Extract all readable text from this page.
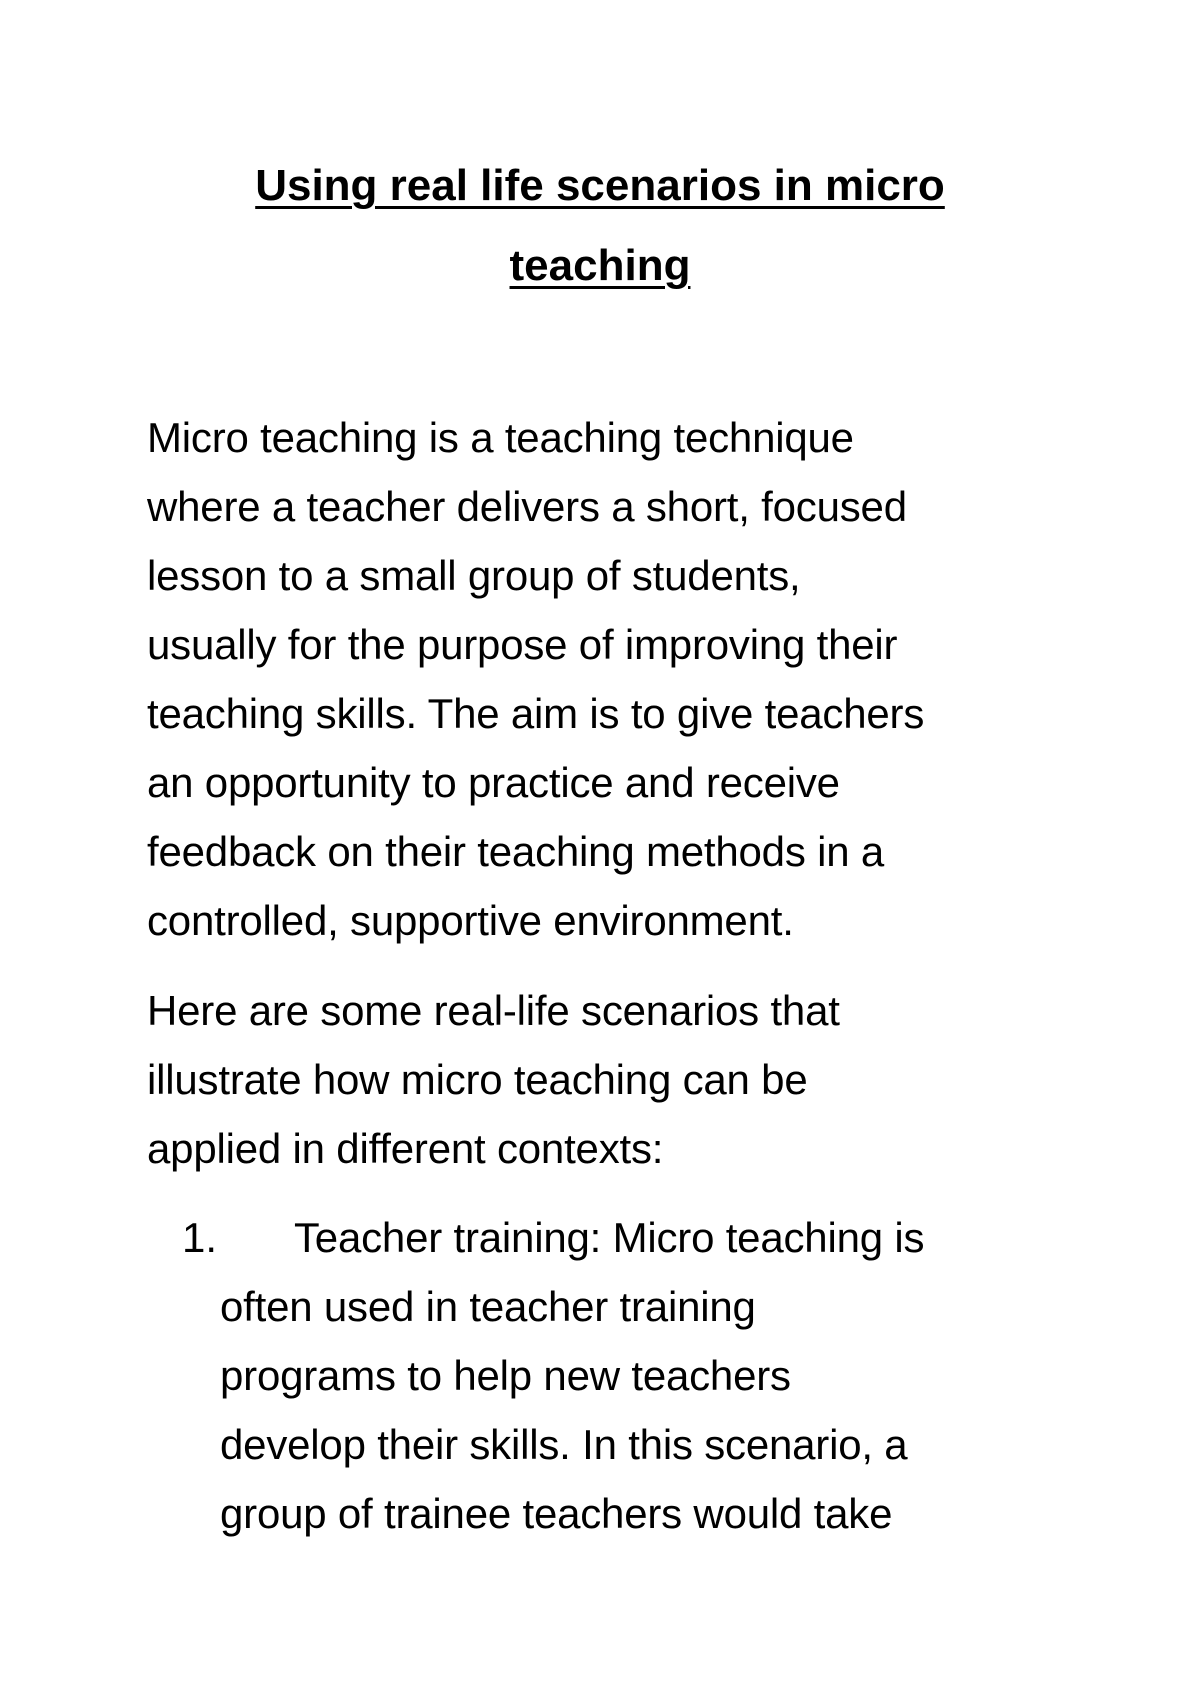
Using real life scenarios in micro
teaching

Micro teaching is a teaching technique

where a teacher delivers a short, focused

lesson to a small group of students,

usually for the purpose of improving their

teaching skills. The aim is to give teachers

an opportunity to practice and receive

feedback on their teaching methods in a

controlled, supportive environment.

Here are some real-life scenarios that

illustrate how micro teaching can be

applied in different contexts:

1. Teacher training: Micro teaching is
often used in teacher training
programs to help new teachers
develop their skills. In this scenario, a
group of trainee teachers would take
